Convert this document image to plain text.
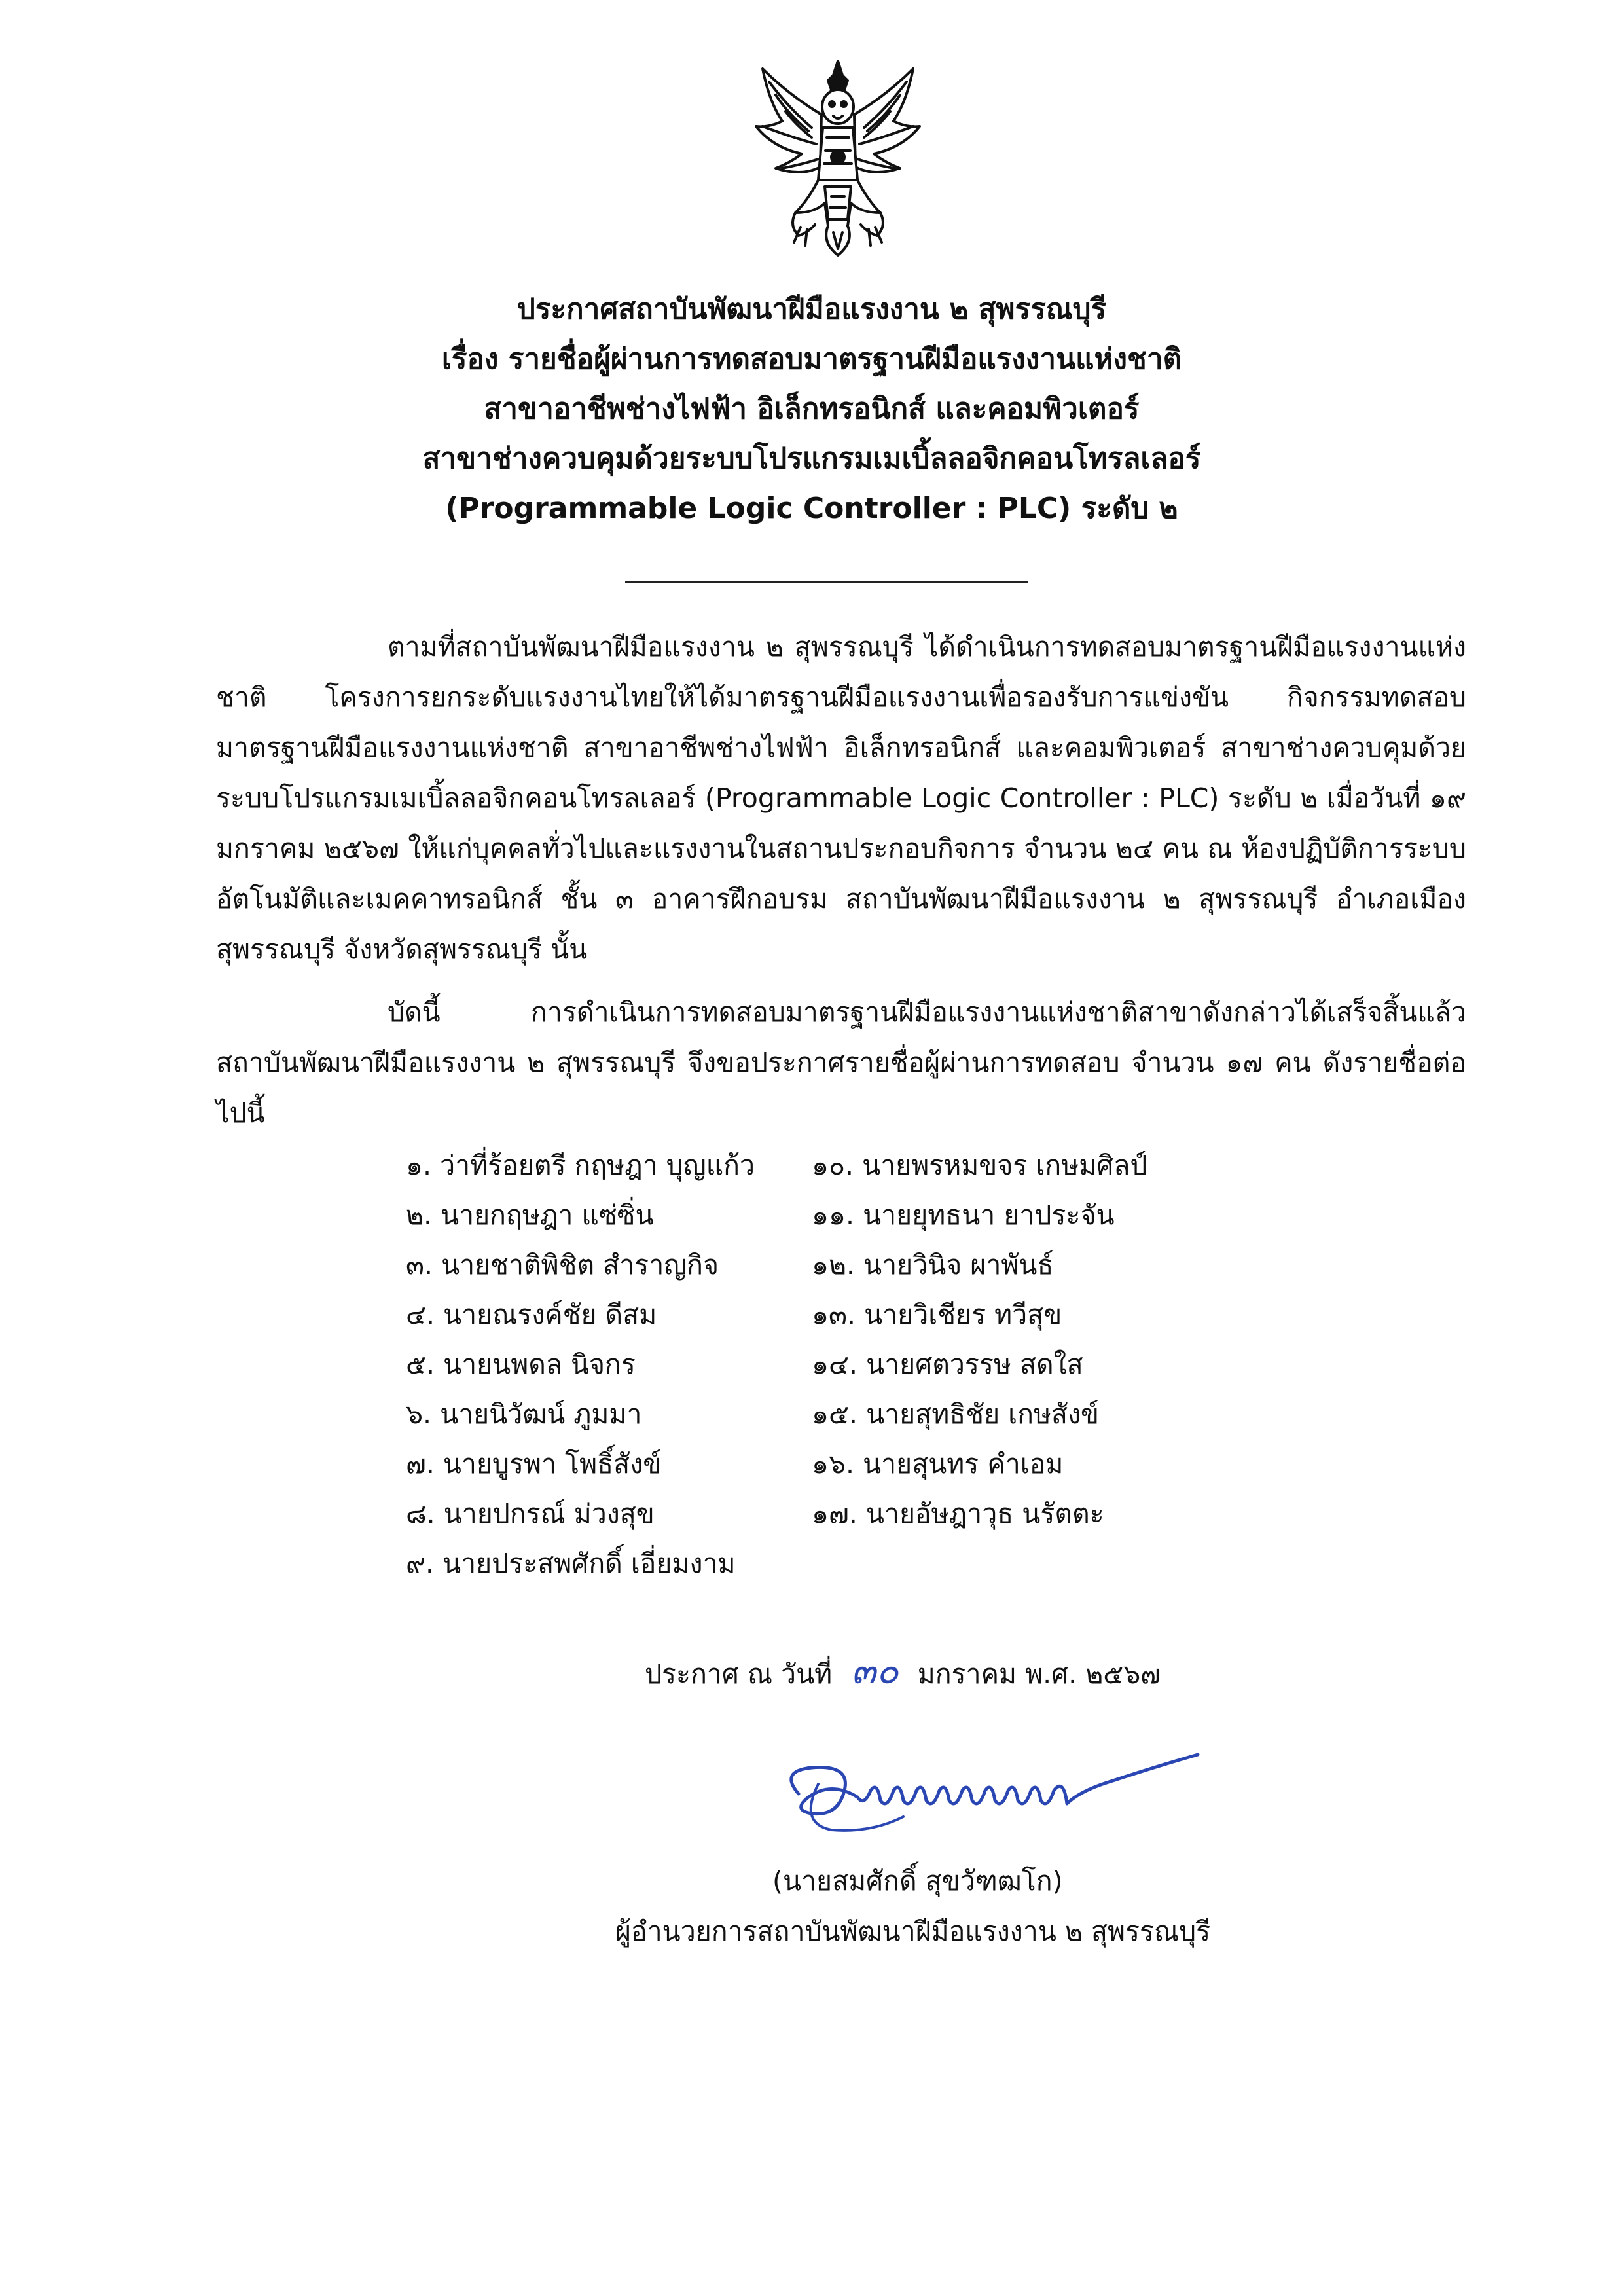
ประกาศสถาบันพัฒนาฝีมือแรงงาน ๒ สุพรรณบุรี
เรื่อง รายชื่อผู้ผ่านการทดสอบมาตรฐานฝีมือแรงงานแห่งชาติ
สาขาอาชีพช่างไฟฟ้า อิเล็กทรอนิกส์ และคอมพิวเตอร์
สาขาช่างควบคุมด้วยระบบโปรแกรมเมเบิ้ลลอจิกคอนโทรลเลอร์
(Programmable Logic Controller : PLC) ระดับ ๒

ตามที่สถาบันพัฒนาฝีมือแรงงาน ๒ สุพรรณบุรี ได้ดำเนินการทดสอบมาตรฐานฝีมือแรงงานแห่งชาติ โครงการยกระดับแรงงานไทยให้ได้มาตรฐานฝีมือแรงงานเพื่อรองรับการแข่งขัน กิจกรรมทดสอบมาตรฐานฝีมือแรงงานแห่งชาติ สาขาอาชีพช่างไฟฟ้า อิเล็กทรอนิกส์ และคอมพิวเตอร์ สาขาช่างควบคุมด้วยระบบโปรแกรมเมเบิ้ลลอจิกคอนโทรลเลอร์ (Programmable Logic Controller : PLC) ระดับ ๒ เมื่อวันที่ ๑๙ มกราคม ๒๕๖๗ ให้แก่บุคคลทั่วไปและแรงงานในสถานประกอบกิจการ จำนวน ๒๔ คน ณ ห้องปฏิบัติการระบบอัตโนมัติและเมคคาทรอนิกส์ ชั้น ๓ อาคารฝึกอบรม สถาบันพัฒนาฝีมือแรงงาน ๒ สุพรรณบุรี อำเภอเมืองสุพรรณบุรี จังหวัดสุพรรณบุรี นั้น

บัดนี้ การดำเนินการทดสอบมาตรฐานฝีมือแรงงานแห่งชาติสาขาดังกล่าวได้เสร็จสิ้นแล้ว สถาบันพัฒนาฝีมือแรงงาน ๒ สุพรรณบุรี จึงขอประกาศรายชื่อผู้ผ่านการทดสอบ จำนวน ๑๗ คน ดังรายชื่อต่อไปนี้

๑. ว่าที่ร้อยตรี กฤษฎา บุญแก้ว
๒. นายกฤษฎา แซ่ซิ่น
๓. นายชาติพิชิต สำราญกิจ
๔. นายณรงค์ชัย ดีสม
๕. นายนพดล นิจกร
๖. นายนิวัฒน์ ภูมมา
๗. นายบูรพา โพธิ์สังข์
๘. นายปกรณ์ ม่วงสุข
๙. นายประสพศักดิ์ เอี่ยมงาม
๑๐. นายพรหมขจร เกษมศิลป์
๑๑. นายยุทธนา ยาประจัน
๑๒. นายวินิจ ผาพันธ์
๑๓. นายวิเชียร ทวีสุข
๑๔. นายศตวรรษ สดใส
๑๕. นายสุทธิชัย เกษสังข์
๑๖. นายสุนทร คำเอม
๑๗. นายอัษฎาวุธ นรัตตะ
ประกาศ ณ วันที่ ๓๐ มกราคม พ.ศ. ๒๕๖๗
(นายสมศักดิ์ สุขวัฑฒโก)
ผู้อำนวยการสถาบันพัฒนาฝีมือแรงงาน ๒ สุพรรณบุรี
